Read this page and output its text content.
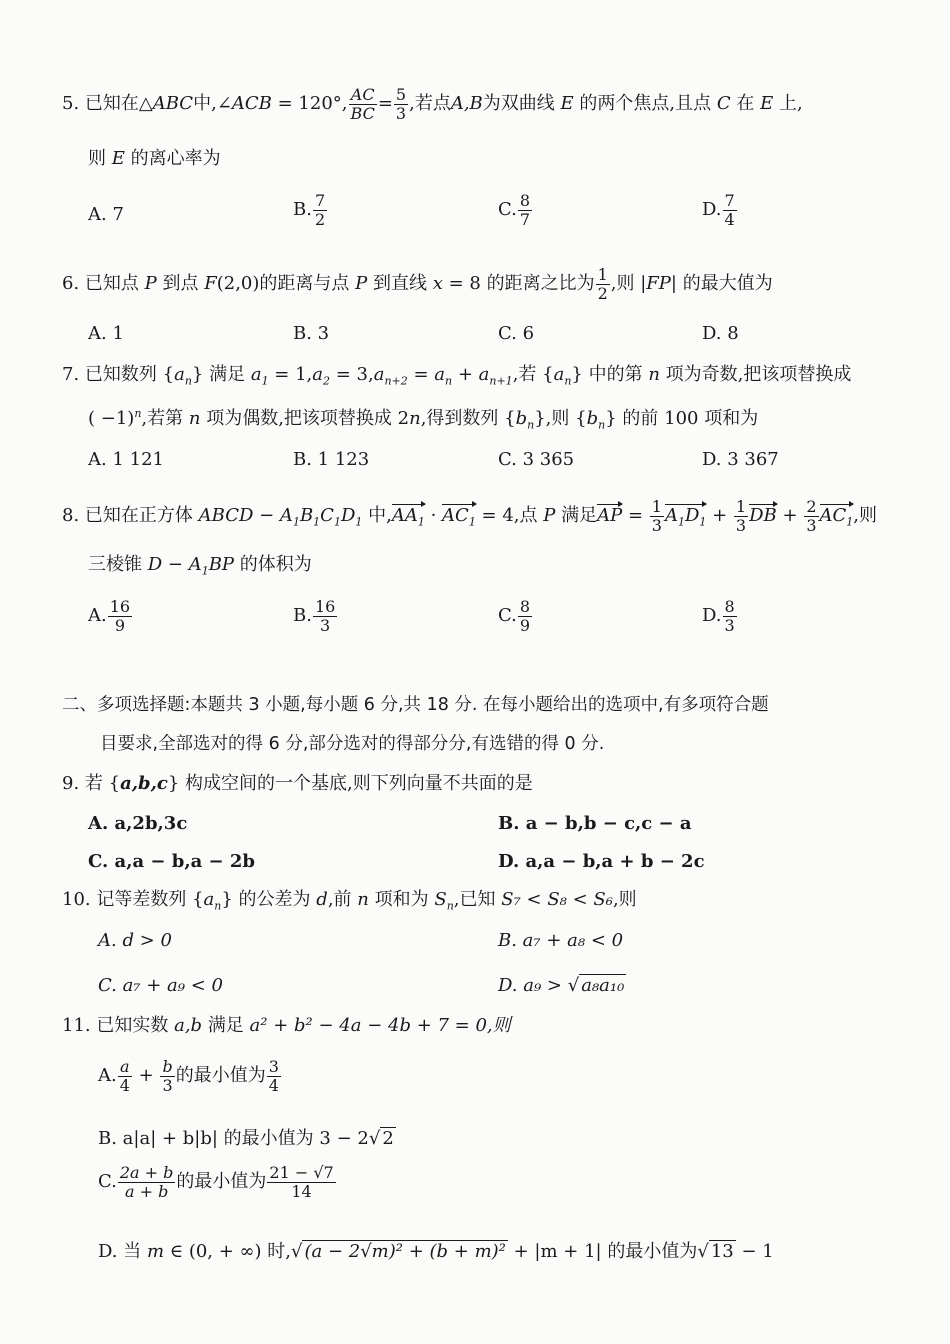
5. 已知在△ABC中,∠ACB = 120°, $\frac{AC}{BC} = \frac{5}{3}$ ,若点A,B为双曲线 E 的两个焦点,且点 C 在 E 上,
则 E 的离心率为
A. 7	B. $\frac{7}{2}$	C. $\frac{8}{7}$	D. $\frac{7}{4}$
6. 已知点 P 到点 F(2,0)的距离与点 P 到直线 x = 8 的距离之比为 $\frac{1}{2}$ ,则 |FP| 的最大值为
A. 1	B. 3	C. 6	D. 8
7. 已知数列 $\{a_n\}$ 满足 $a_1 = 1,a_2 = 3,a_{n+2} = a_n + a_{n+1}$,若 $\{a_n\}$ 中的第 n 项为奇数,把该项替换成
( −1)$^n$,若第 n 项为偶数,把该项替换成 2n,得到数列 $\{b_n\}$,则 $\{b_n\}$ 的前 100 项和为
A. 1 121	B. 1 123	C. 3 365	D. 3 367
8. 已知在正方体 ABCD − $A_1B_1C_1D_1$ 中$,AA_1 \cdot AC_1 = 4$,点 P 满足AP = $\frac{1}{3} A_1D_1 + \frac{1}{3}$ DB + $\frac{2}{3} AC_1$,则
三棱锥 $D - A_1BP$ 的体积为
A. $\frac{16}{9}$	B. $\frac{16}{3}$	C. $\frac{8}{9}$	D. $\frac{8}{3}$
二、多项选择题:本题共 3 小题,每小题 6 分,共 18 分. 在每小题给出的选项中,有多项符合题
目要求,全部选对的得 6 分,部分选对的得部分分,有选错的得 0 分.
9. 若 {a,b,c} 构成空间的一个基底,则下列向量不共面的是
A. a,2b,3c	B. a − b,b − c,c − a
C. a,a − b,a − 2b	D. a,a − b,a + b − 2c
10. 记等差数列 $\{a_n\}$ 的公差为 d,前 n 项和为 $S_n$,已知 S₇ < S₈ < S₆,则
A. d > 0	B. a₇ + a₈ < 0
C. a₇ + a₉ < 0	D. a₉ > √ a₈a₁₀
11. 已知实数 a,b 满足 a² + b² − 4a − 4b + 7 = 0,则
A. $\frac{a}{4} + \frac{b}{3}$ 的最小值为 $\frac{3}{4}$
B. a|a| + b|b| 的最小值为 3 − 2√ 2
C. $\frac{2a + b}{a + b}$ 的最小值为 $\frac{21 - √7}{14}$
D. 当 m ∈ (0, + ∞) 时,√ (a − 2√m)² + (b + m)² + |m + 1| 的最小值为√ 13 − 1
